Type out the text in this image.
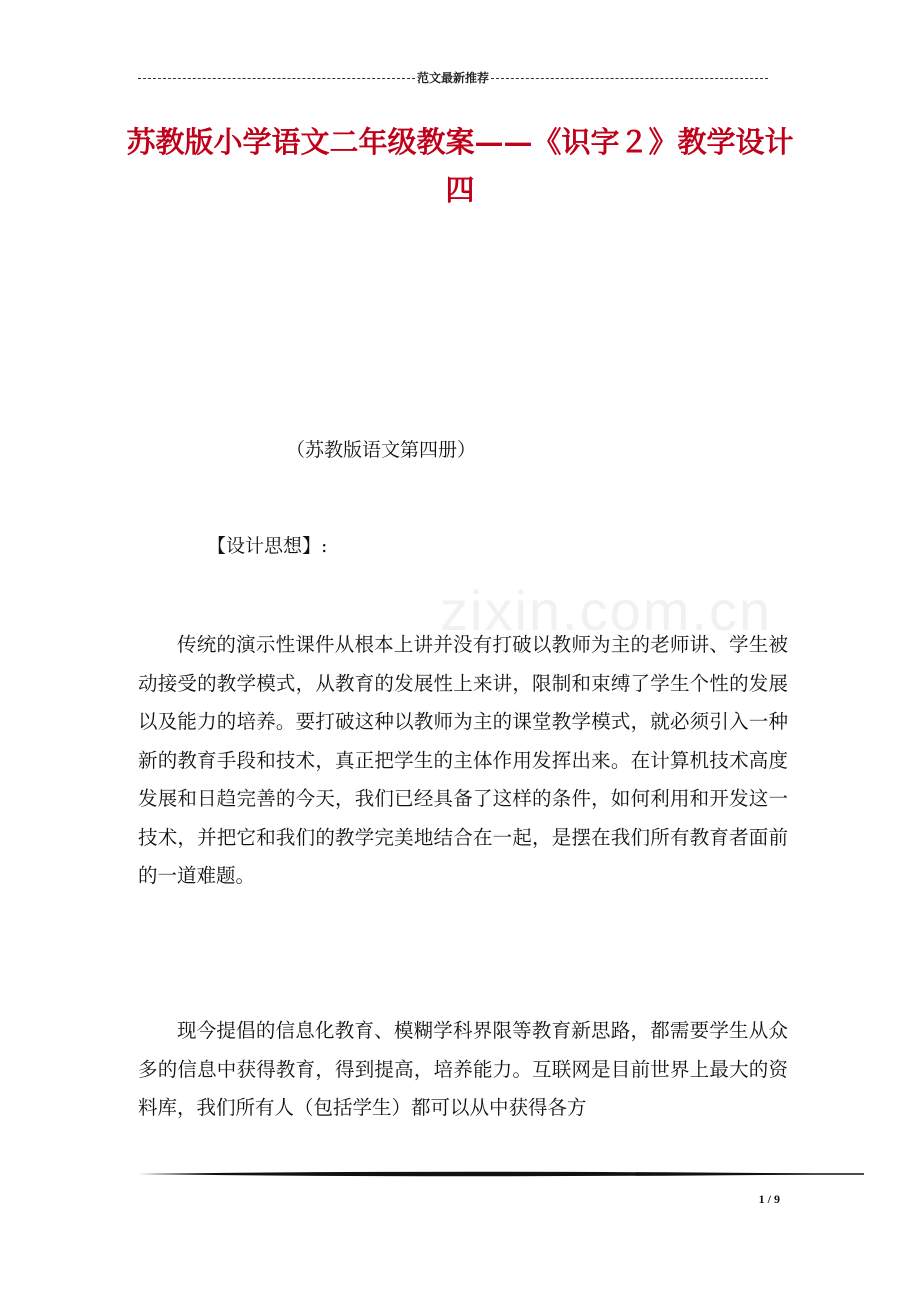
范文最新推荐
苏教版小学语文二年级教案——《识字２》教学设计四
（苏教版语文第四册）
【设计思想】:
zixin.com.cn
传统的演示性课件从根本上讲并没有打破以教师为主的老师讲、学生被动接受的教学模式，从教育的发展性上来讲，限制和束缚了学生个性的发展以及能力的培养。要打破这种以教师为主的课堂教学模式，就必须引入一种新的教育手段和技术，真正把学生的主体作用发挥出来。在计算机技术高度发展和日趋完善的今天，我们已经具备了这样的条件，如何利用和开发这一技术，并把它和我们的教学完美地结合在一起，是摆在我们所有教育者面前的一道难题。
现今提倡的信息化教育、模糊学科界限等教育新思路，都需要学生从众多的信息中获得教育，得到提高，培养能力。互联网是目前世界上最大的资料库，我们所有人（包括学生）都可以从中获得各方
1 / 9
